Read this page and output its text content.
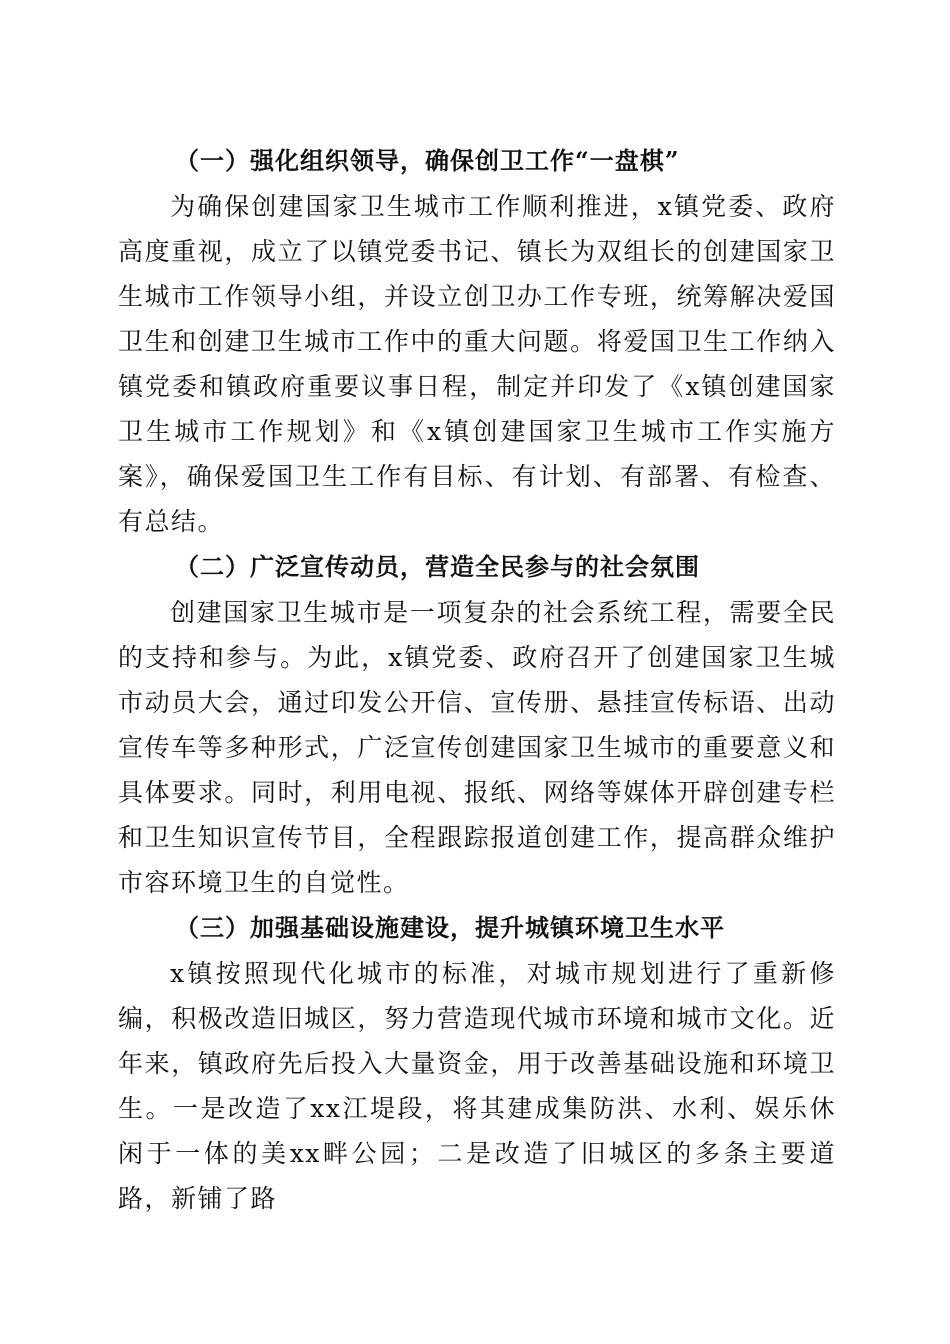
（一）强化组织领导，确保创卫工作“一盘棋”

为确保创建国家卫生城市工作顺利推进，x镇党委、政府高度重视，成立了以镇党委书记、镇长为双组长的创建国家卫生城市工作领导小组，并设立创卫办工作专班，统筹解决爱国卫生和创建卫生城市工作中的重大问题。将爱国卫生工作纳入镇党委和镇政府重要议事日程，制定并印发了《x镇创建国家卫生城市工作规划》和《x镇创建国家卫生城市工作实施方案》，确保爱国卫生工作有目标、有计划、有部署、有检查、有总结。

（二）广泛宣传动员，营造全民参与的社会氛围

创建国家卫生城市是一项复杂的社会系统工程，需要全民的支持和参与。为此，x镇党委、政府召开了创建国家卫生城市动员大会，通过印发公开信、宣传册、悬挂宣传标语、出动宣传车等多种形式，广泛宣传创建国家卫生城市的重要意义和具体要求。同时，利用电视、报纸、网络等媒体开辟创建专栏和卫生知识宣传节目，全程跟踪报道创建工作，提高群众维护市容环境卫生的自觉性。

（三）加强基础设施建设，提升城镇环境卫生水平

x镇按照现代化城市的标准，对城市规划进行了重新修编，积极改造旧城区，努力营造现代城市环境和城市文化。近年来，镇政府先后投入大量资金，用于改善基础设施和环境卫生。一是改造了xx江堤段，将其建成集防洪、水利、娱乐休闲于一体的美xx畔公园；二是改造了旧城区的多条主要道路，新铺了路
